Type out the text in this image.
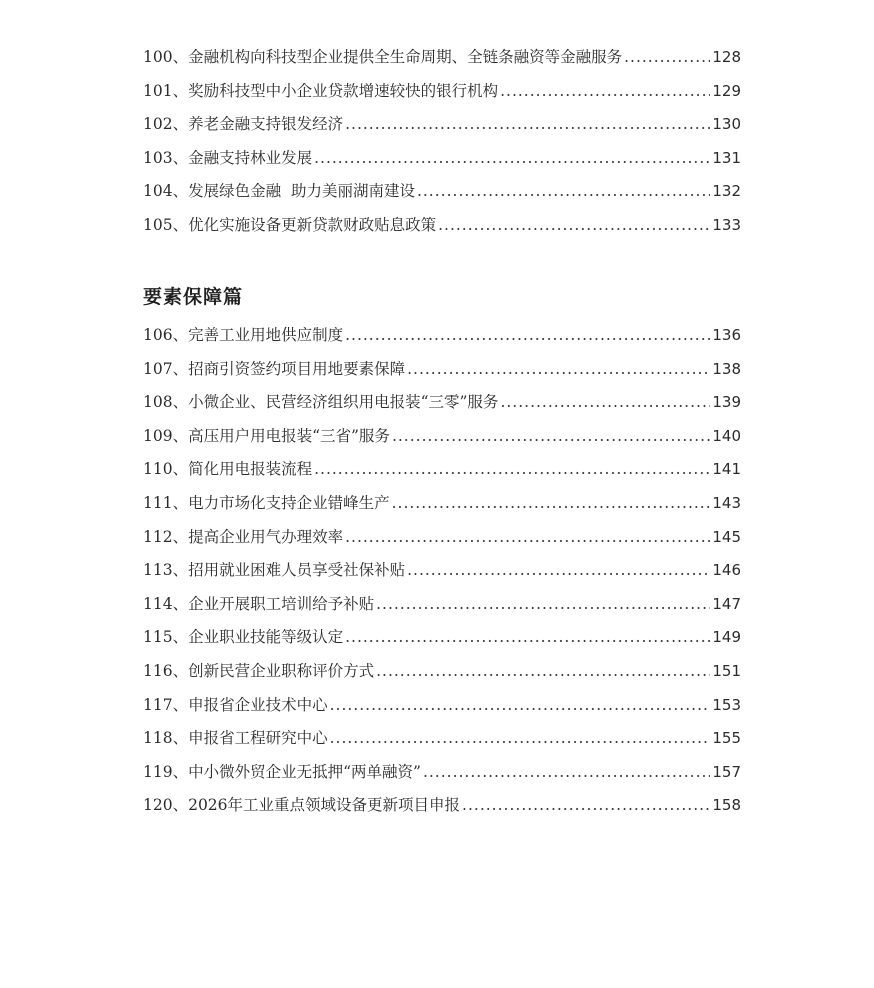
100、金融机构向科技型企业提供全生命周期、全链条融资等金融服务 .....	128
101、奖励科技型中小企业贷款增速较快的银行机构 .....	129
102、养老金融支持银发经济 .....	130
103、金融支持林业发展 .....	131
104、发展绿色金融  助力美丽湖南建设 .....	132
105、优化实施设备更新贷款财政贴息政策 .....	133
要素保障篇
106、完善工业用地供应制度 .....	136
107、招商引资签约项目用地要素保障 .....	138
108、小微企业、民营经济组织用电报装“三零”服务 .....	139
109、高压用户用电报装“三省”服务 .....	140
110、简化用电报装流程 .....	141
111、电力市场化支持企业错峰生产 .....	143
112、提高企业用气办理效率 .....	145
113、招用就业困难人员享受社保补贴 .....	146
114、企业开展职工培训给予补贴 .....	147
115、企业职业技能等级认定 .....	149
116、创新民营企业职称评价方式 .....	151
117、申报省企业技术中心 .....	153
118、申报省工程研究中心 .....	155
119、中小微外贸企业无抵押“两单融资” .....	157
120、2026年工业重点领域设备更新项目申报 .....	158
